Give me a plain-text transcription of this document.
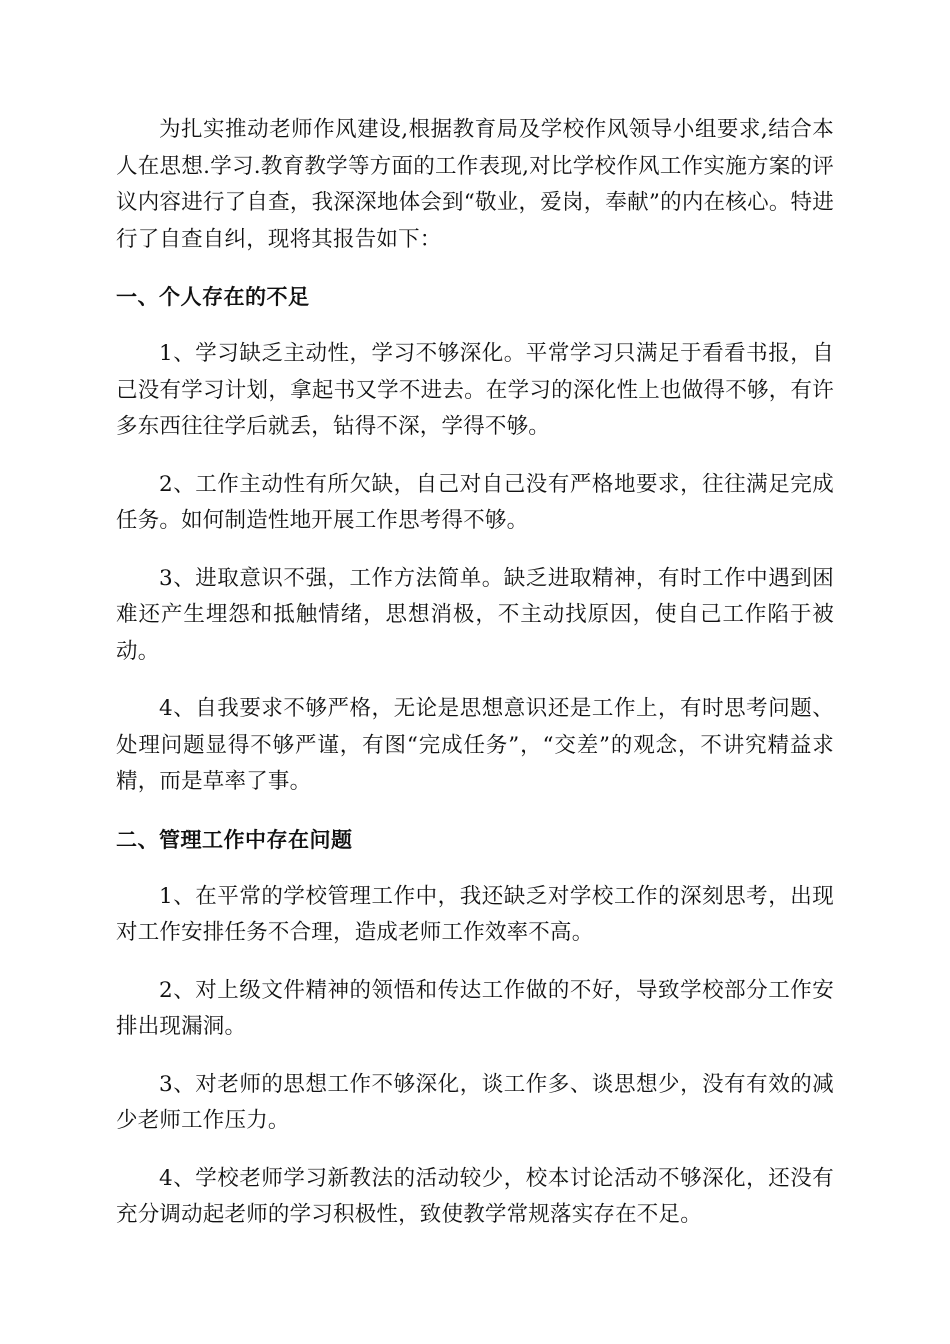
为扎实推动老师作风建设,根据教育局及学校作风领导小组要求,结合本人在思想.学习.教育教学等方面的工作表现,对比学校作风工作实施方案的评议内容进行了自查，我深深地体会到“敬业，爱岗，奉献”的内在核心。特进行了自查自纠，现将其报告如下：

一、个人存在的不足

1、学习缺乏主动性，学习不够深化。平常学习只满足于看看书报，自己没有学习计划，拿起书又学不进去。在学习的深化性上也做得不够，有许多东西往往学后就丢，钻得不深，学得不够。

2、工作主动性有所欠缺，自己对自己没有严格地要求，往往满足完成任务。如何制造性地开展工作思考得不够。

3、进取意识不强，工作方法简单。缺乏进取精神，有时工作中遇到困难还产生埋怨和抵触情绪，思想消极，不主动找原因，使自己工作陷于被动。

4、自我要求不够严格，无论是思想意识还是工作上，有时思考问题、处理问题显得不够严谨，有图“完成任务”，“交差”的观念，不讲究精益求精，而是草率了事。

二、管理工作中存在问题

1、在平常的学校管理工作中，我还缺乏对学校工作的深刻思考，出现对工作安排任务不合理，造成老师工作效率不高。

2、对上级文件精神的领悟和传达工作做的不好，导致学校部分工作安排出现漏洞。

3、对老师的思想工作不够深化，谈工作多、谈思想少，没有有效的减少老师工作压力。

4、学校老师学习新教法的活动较少，校本讨论活动不够深化，还没有充分调动起老师的学习积极性，致使教学常规落实存在不足。
